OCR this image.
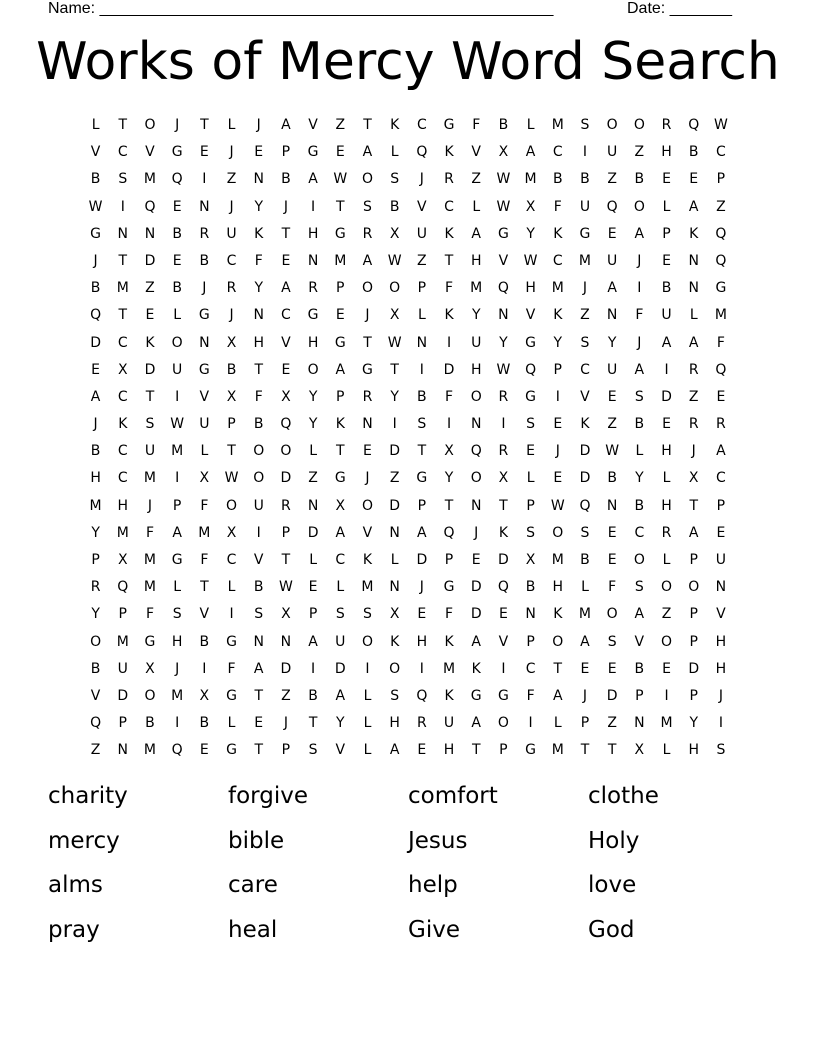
Name: ___________________________________________________	Date: _______
Works of Mercy Word Search
L	T	O	J	T	L	J	A	V	Z	T	K	C	G	F	B	L	M	S	O	O	R	Q	W
V	C	V	G	E	J	E	P	G	E	A	L	Q	K	V	X	A	C	I	U	Z	H	B	C
B	S	M	Q	I	Z	N	B	A	W	O	S	J	R	Z	W	M	B	B	Z	B	E	E	P
W	I	Q	E	N	J	Y	J	I	T	S	B	V	C	L	W	X	F	U	Q	O	L	A	Z
G	N	N	B	R	U	K	T	H	G	R	X	U	K	A	G	Y	K	G	E	A	P	K	Q
J	T	D	E	B	C	F	E	N	M	A	W	Z	T	H	V	W	C	M	U	J	E	N	Q
B	M	Z	B	J	R	Y	A	R	P	O	O	P	F	M	Q	H	M	J	A	I	B	N	G
Q	T	E	L	G	J	N	C	G	E	J	X	L	K	Y	N	V	K	Z	N	F	U	L	M
D	C	K	O	N	X	H	V	H	G	T	W	N	I	U	Y	G	Y	S	Y	J	A	A	F
E	X	D	U	G	B	T	E	O	A	G	T	I	D	H	W	Q	P	C	U	A	I	R	Q
A	C	T	I	V	X	F	X	Y	P	R	Y	B	F	O	R	G	I	V	E	S	D	Z	E
J	K	S	W	U	P	B	Q	Y	K	N	I	S	I	N	I	S	E	K	Z	B	E	R	R
B	C	U	M	L	T	O	O	L	T	E	D	T	X	Q	R	E	J	D	W	L	H	J	A
H	C	M	I	X	W	O	D	Z	G	J	Z	G	Y	O	X	L	E	D	B	Y	L	X	C
M	H	J	P	F	O	U	R	N	X	O	D	P	T	N	T	P	W	Q	N	B	H	T	P
Y	M	F	A	M	X	I	P	D	A	V	N	A	Q	J	K	S	O	S	E	C	R	A	E
P	X	M	G	F	C	V	T	L	C	K	L	D	P	E	D	X	M	B	E	O	L	P	U
R	Q	M	L	T	L	B	W	E	L	M	N	J	G	D	Q	B	H	L	F	S	O	O	N
Y	P	F	S	V	I	S	X	P	S	S	X	E	F	D	E	N	K	M	O	A	Z	P	V
O	M	G	H	B	G	N	N	A	U	O	K	H	K	A	V	P	O	A	S	V	O	P	H
B	U	X	J	I	F	A	D	I	D	I	O	I	M	K	I	C	T	E	E	B	E	D	H
V	D	O	M	X	G	T	Z	B	A	L	S	Q	K	G	G	F	A	J	D	P	I	P	J
Q	P	B	I	B	L	E	J	T	Y	L	H	R	U	A	O	I	L	P	Z	N	M	Y	I
Z	N	M	Q	E	G	T	P	S	V	L	A	E	H	T	P	G	M	T	T	X	L	H	S
charity	forgive	comfort	clothe
mercy	bible	Jesus	Holy
alms	care	help	love
pray	heal	Give	God
